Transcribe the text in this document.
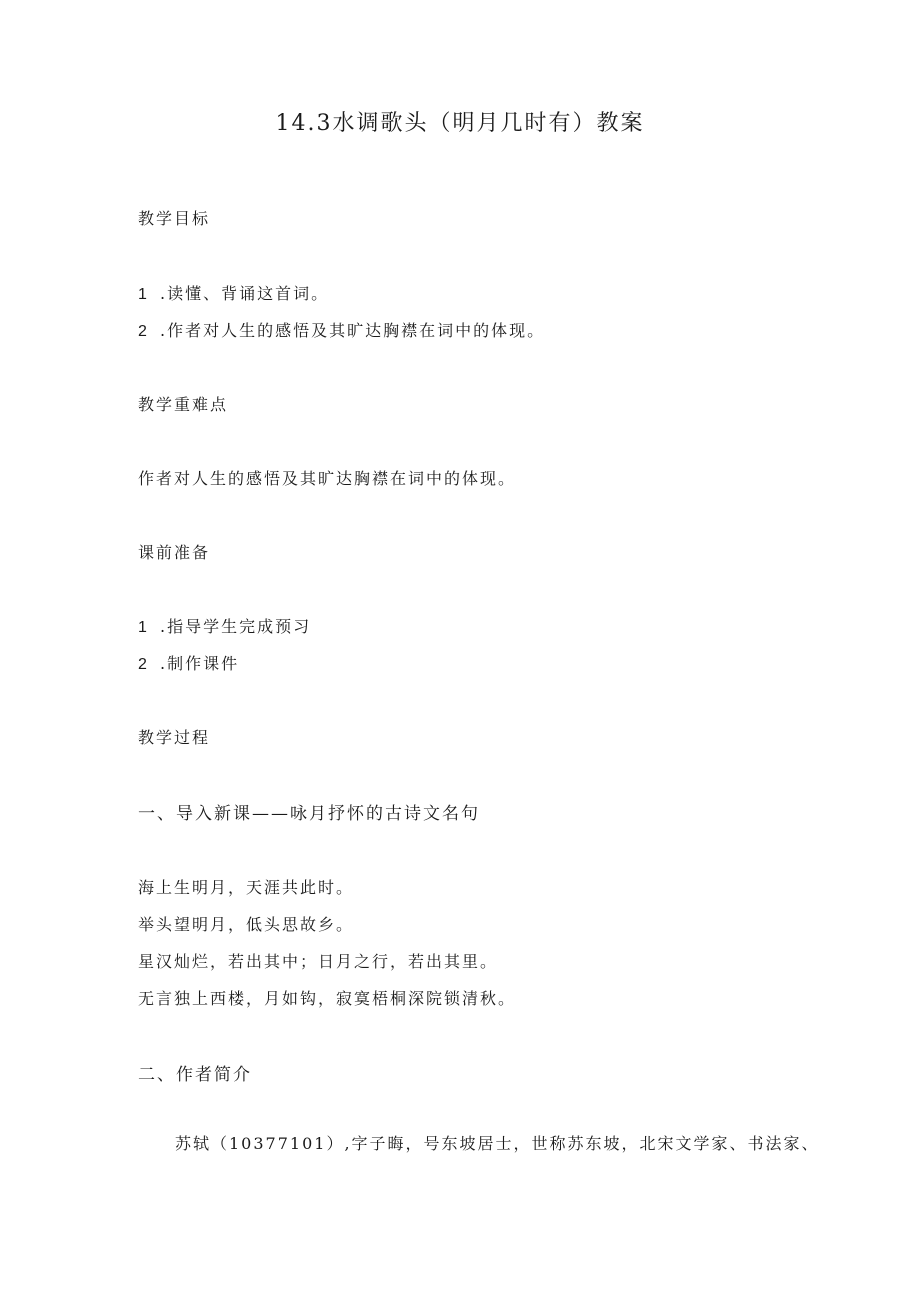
14.3水调歌头（明月几时有）教案
教学目标
1 .读懂、背诵这首词。
2 .作者对人生的感悟及其旷达胸襟在词中的体现。
教学重难点
作者对人生的感悟及其旷达胸襟在词中的体现。
课前准备
1 .指导学生完成预习
2 .制作课件
教学过程
一、导入新课——咏月抒怀的古诗文名句
海上生明月，天涯共此时。
举头望明月，低头思故乡。
星汉灿烂，若出其中；日月之行，若出其里。
无言独上西楼，月如钩，寂寞梧桐深院锁清秋。
二、作者简介
苏轼（10377101）,字子晦，号东坡居士，世称苏东坡，北宋文学家、书法家、
